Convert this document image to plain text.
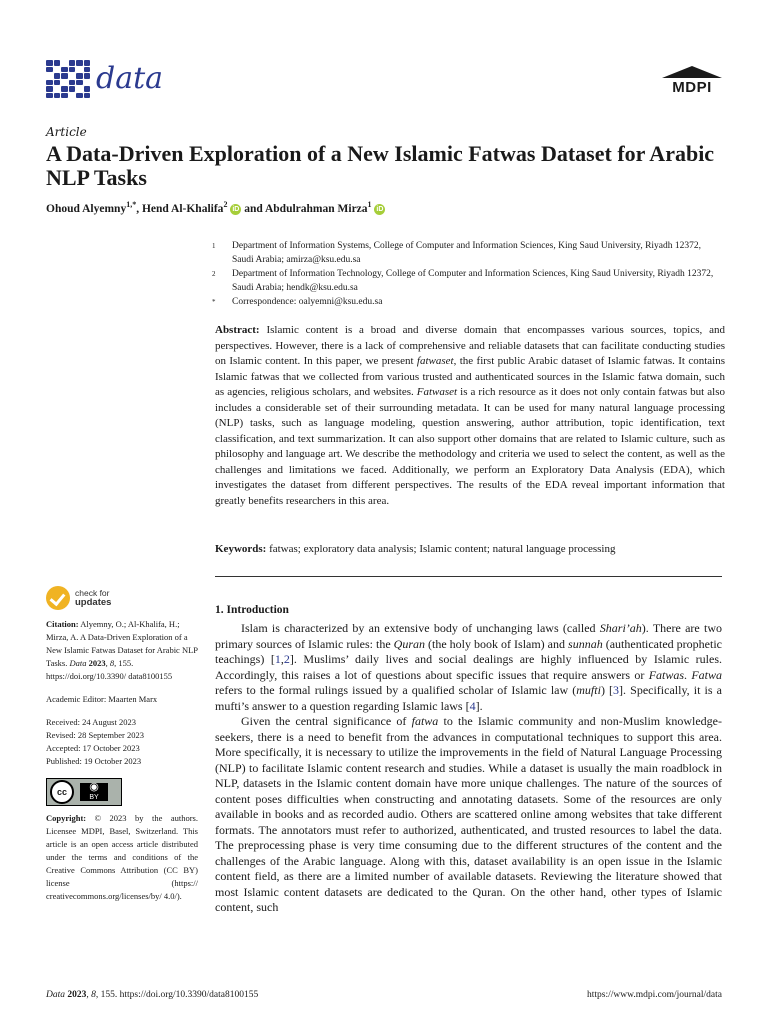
data	MDPI
Article
A Data-Driven Exploration of a New Islamic Fatwas Dataset for Arabic NLP Tasks
Ohoud Alyemny$^{1,*}$, Hend Al-Khalifa$^2$ iD and Abdulrahman Mirza$^1$ iD
1	Department of Information Systems, College of Computer and Information Sciences, King Saud University, Riyadh 12372, Saudi Arabia; amirza@ksu.edu.sa
2	Department of Information Technology, College of Computer and Information Sciences, King Saud University, Riyadh 12372, Saudi Arabia; hendk@ksu.edu.sa
*	Correspondence: oalyemni@ksu.edu.sa

Abstract: Islamic content is a broad and diverse domain that encompasses various sources, topics, and perspectives. However, there is a lack of comprehensive and reliable datasets that can facilitate conducting studies on Islamic content. In this paper, we present fatwaset, the first public Arabic dataset of Islamic fatwas. It contains Islamic fatwas that we collected from various trusted and authenticated sources in the Islamic fatwa domain, such as agencies, religious scholars, and websites. Fatwaset is a rich resource as it does not only contain fatwas but also includes a considerable set of their surrounding metadata. It can be used for many natural language processing (NLP) tasks, such as language modeling, question answering, author attribution, topic identification, text classification, and text summarization. It can also support other domains that are related to Islamic culture, such as philosophy and language art. We describe the methodology and criteria we used to select the content, as well as the challenges and limitations we faced. Additionally, we perform an Exploratory Data Analysis (EDA), which investigates the dataset from different perspectives. The results of the EDA reveal important information that greatly benefits researchers in this area.

Keywords: fatwas; exploratory data analysis; Islamic content; natural language processing
check for
updates

Citation: Alyemny, O.; Al-Khalifa, H.; Mirza, A. A Data-Driven Exploration of a New Islamic Fatwas Dataset for Arabic NLP Tasks. Data 2023, 8, 155. https://doi.org/10.3390/ data8100155

Academic Editor: Maarten Marx

Received: 24 August 2023

Revised: 28 September 2023

Accepted: 17 October 2023

Published: 19 October 2023

cc	◉
BY
Copyright: © 2023 by the authors. Licensee MDPI, Basel, Switzerland. This article is an open access article distributed under the terms and conditions of the Creative Commons Attribution (CC BY) license (https:// creativecommons.org/licenses/by/ 4.0/).
1. Introduction

Islam is characterized by an extensive body of unchanging laws (called Shari’ah). There are two primary sources of Islamic rules: the Quran (the holy book of Islam) and sunnah (authenticated prophetic teachings) [1,2]. Muslims’ daily lives and social dealings are highly influenced by Islamic rules. Accordingly, this raises a lot of questions about specific issues that require answers or Fatwas. Fatwa refers to the formal rulings issued by a qualified scholar of Islamic law (mufti) [3]. Specifically, it is a mufti’s answer to a question regarding Islamic laws [4].

Given the central significance of fatwa to the Islamic community and non-Muslim knowledge-seekers, there is a need to benefit from the advances in computational techniques to support this area. More specifically, it is necessary to utilize the improvements in the field of Natural Language Processing (NLP) to facilitate Islamic content research and studies. While a dataset is usually the main roadblock in NLP, datasets in the Islamic content domain have more unique challenges. The nature of the sources of content poses difficulties when constructing and annotating datasets. Some of the resources are only available in books and as recorded audio. Others are scattered online among websites that take different formats. The annotators must refer to authorized, authenticated, and trusted resources to label the data. The preprocessing phase is very time consuming due to the different structures of the content and the challenges of the Arabic language. Along with this, dataset availability is an open issue in the Islamic content field, as there are a limited number of available datasets. Reviewing the literature showed that most Islamic content datasets are dedicated to the Quran. On the other hand, other types of Islamic content, such

Data 2023, 8, 155. https://doi.org/10.3390/data8100155	https://www.mdpi.com/journal/data
